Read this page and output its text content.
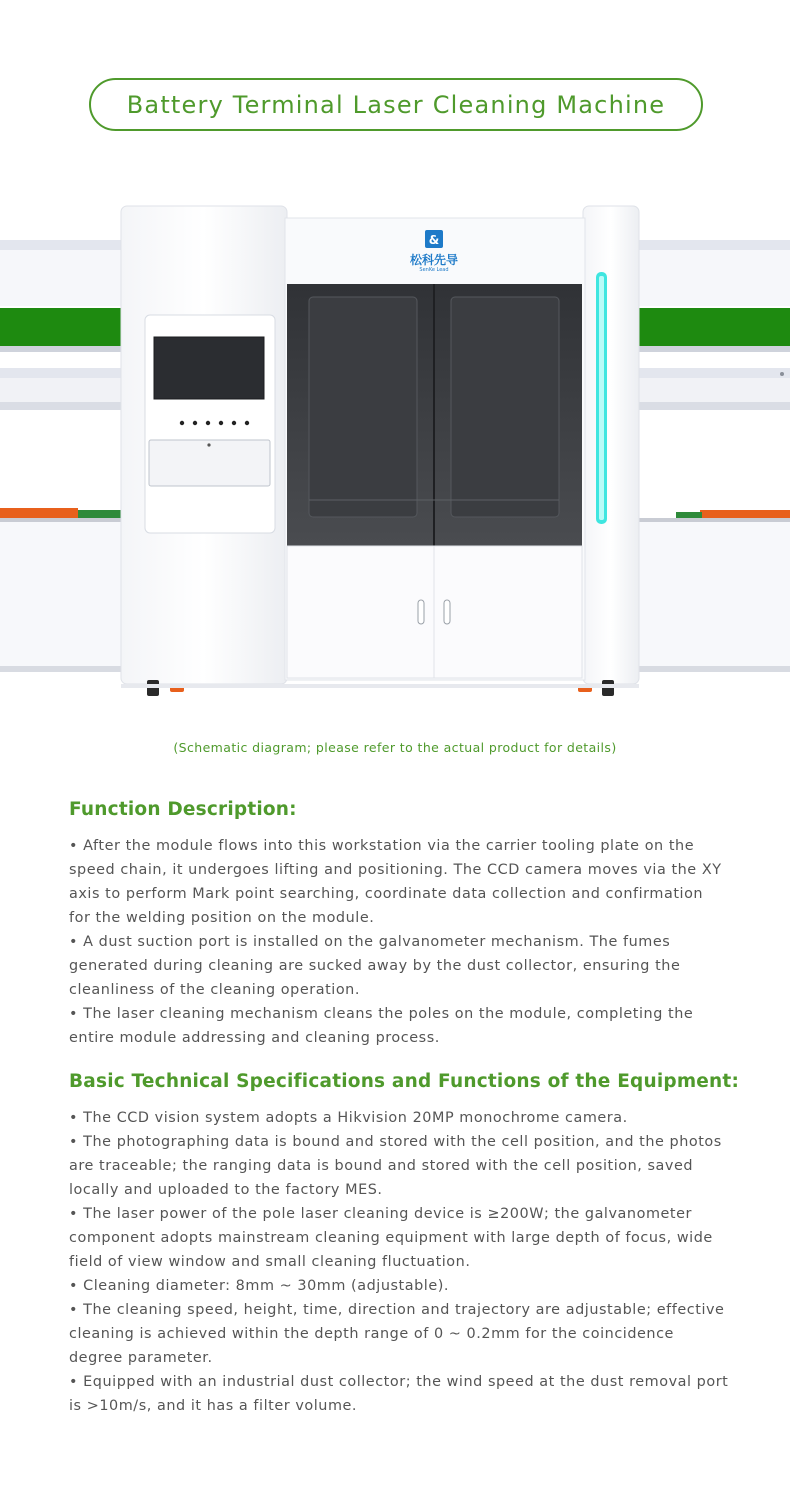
Battery Terminal Laser Cleaning Machine
&
松科先导
SenKe Lead
(Schematic diagram; please refer to the actual product for details)
Function Description:

• After the module flows into this workstation via the carrier tooling plate on the speed chain, it undergoes lifting and positioning. The CCD camera moves via the XY axis to perform Mark point searching, coordinate data collection and confirmation for the welding position on the module.

• A dust suction port is installed on the galvanometer mechanism. The fumes generated during cleaning are sucked away by the dust collector, ensuring the cleanliness of the cleaning operation.

• The laser cleaning mechanism cleans the poles on the module, completing the entire module addressing and cleaning process.

Basic Technical Specifications and Functions of the Equipment:

• The CCD vision system adopts a Hikvision 20MP monochrome camera.

• The photographing data is bound and stored with the cell position, and the photos are traceable; the ranging data is bound and stored with the cell position, saved locally and uploaded to the factory MES.

• The laser power of the pole laser cleaning device is ≥200W; the galvanometer component adopts mainstream cleaning equipment with large depth of focus, wide field of view window and small cleaning fluctuation.

• Cleaning diameter: 8mm ~ 30mm (adjustable).

• The cleaning speed, height, time, direction and trajectory are adjustable; effective cleaning is achieved within the depth range of 0 ~ 0.2mm for the coincidence degree parameter.

• Equipped with an industrial dust collector; the wind speed at the dust removal port is >10m/s, and it has a filter volume.
